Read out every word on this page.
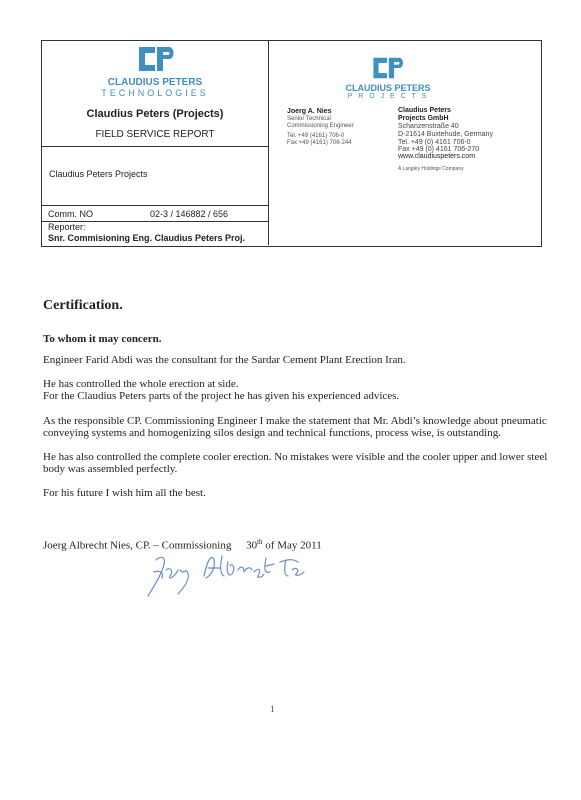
CLAUDIUS PETERS
TECHNOLOGIES
Claudius Peters (Projects)
FIELD SERVICE REPORT
Claudius Peters Projects
Comm. NO	02-3 / 146882 / 656
Reporter:
Snr. Commisioning Eng. Claudius Peters Proj.
CLAUDIUS PETERS
P R O J E C T S
Joerg A. Nies
Senior Technical
Commissioning Engineer
Tel. +49 (4161) 706-0
Fax +49 (4161) 706-244
Claudius Peters
Projects GmbH
Schanzenstraße 40
D-21614 Buxtehude, Germany
Tel. +49 (0) 4161 706-0
Fax +49 (0) 4161 706-270
www.claudiuspeters.com
A Langley Holdings Company
Certification.
To whom it may concern.
Engineer Farid Abdi was the consultant for the Sardar Cement Plant Erection Iran.
He has controlled the whole erection at side.
For the Claudius Peters parts of the project he has given his experienced advices.
As the responsible CP. Commissioning Engineer I make the statement that Mr. Abdi’s knowledge about pneumatic
conveying systems and homogenizing silos design and technical functions, process wise, is outstanding.
He has also controlled the complete cooler erection. No mistakes were visible and the cooler upper and lower steel
body was assembled perfectly.
For his future I wish him all the best.
Joerg Albrecht Nies, CP. – Commissioning 30th of May 2011
1
